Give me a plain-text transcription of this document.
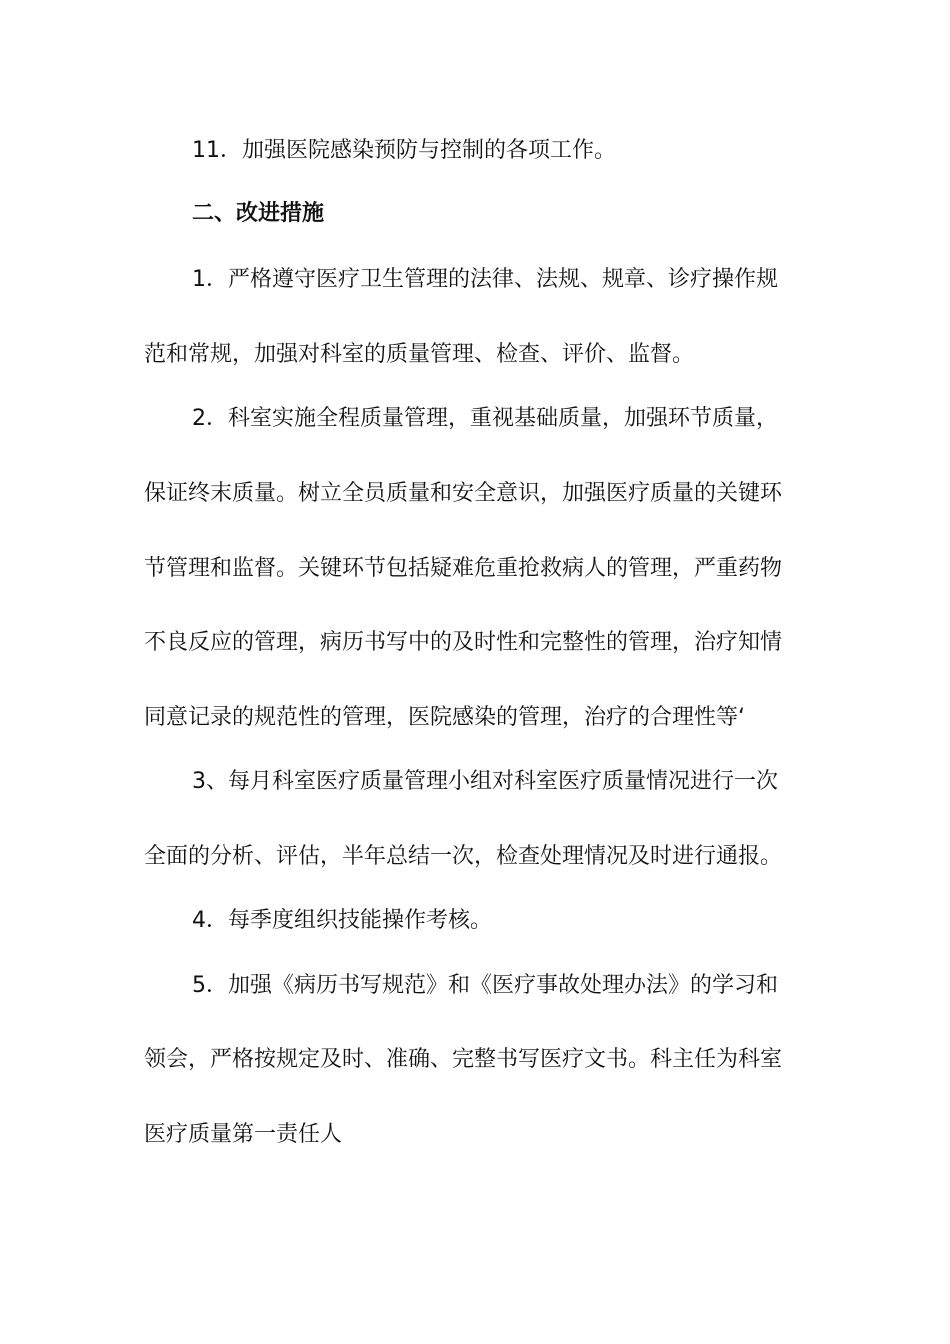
11．加强医院感染预防与控制的各项工作。
二、改进措施
1．严格遵守医疗卫生管理的法律、法规、规章、诊疗操作规
范和常规，加强对科室的质量管理、检查、评价、监督。
2．科室实施全程质量管理，重视基础质量，加强环节质量，
保证终末质量。树立全员质量和安全意识，加强医疗质量的关键环
节管理和监督。关键环节包括疑难危重抢救病人的管理，严重药物
不良反应的管理，病历书写中的及时性和完整性的管理，治疗知情
同意记录的规范性的管理，医院感染的管理，治疗的合理性等‘
3、每月科室医疗质量管理小组对科室医疗质量情况进行一次
全面的分析、评估，半年总结一次，检查处理情况及时进行通报。
4．每季度组织技能操作考核。
5．加强《病历书写规范》和《医疗事故处理办法》的学习和
领会，严格按规定及时、准确、完整书写医疗文书。科主任为科室
医疗质量第一责任人
